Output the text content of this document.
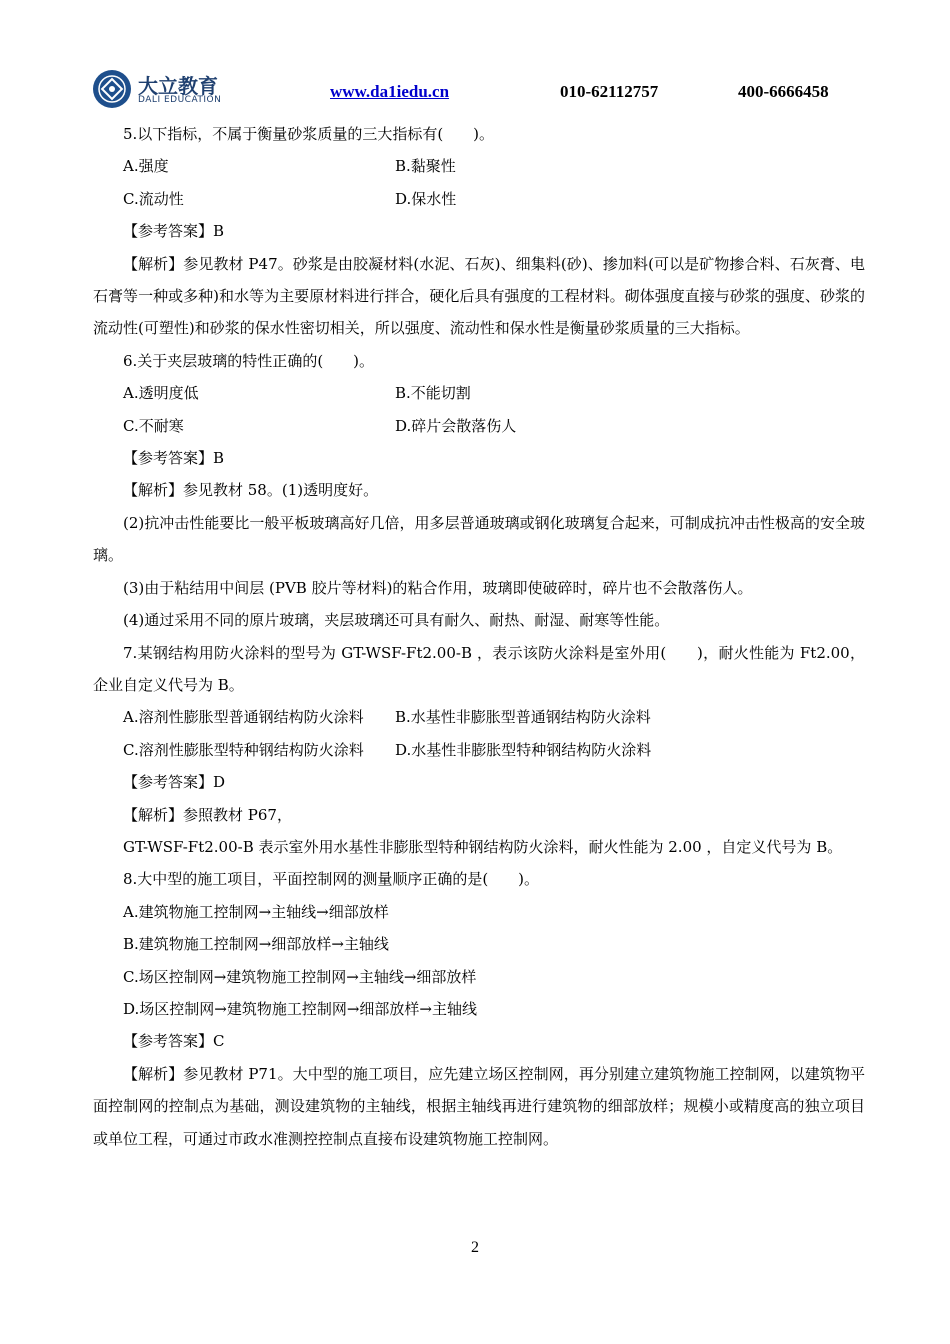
大立教育
DALI EDUCATION	www.da1iedu.cn	010-62112757	400-6666458
5.以下指标，不属于衡量砂浆质量的三大指标有(　　)。
A.强度	B.黏聚性
C.流动性	D.保水性
【参考答案】B
【解析】参见教材 P47。砂浆是由胶凝材料(水泥、石灰)、细集料(砂)、掺加料(可以是矿物掺合料、石灰膏、电石膏等一种或多种)和水等为主要原材料进行拌合，硬化后具有强度的工程材料。砌体强度直接与砂浆的强度、砂浆的流动性(可塑性)和砂浆的保水性密切相关，所以强度、流动性和保水性是衡量砂浆质量的三大指标。
6.关于夹层玻璃的特性正确的(　　)。
A.透明度低	B.不能切割
C.不耐寒	D.碎片会散落伤人
【参考答案】B
【解析】参见教材 58。(1)透明度好。
(2)抗冲击性能要比一般平板玻璃高好几倍，用多层普通玻璃或钢化玻璃复合起来，可制成抗冲击性极高的安全玻璃。
(3)由于粘结用中间层 (PVB 胶片等材料)的粘合作用，玻璃即使破碎时，碎片也不会散落伤人。
(4)通过采用不同的原片玻璃，夹层玻璃还可具有耐久、耐热、耐湿、耐寒等性能。
7.某钢结构用防火涂料的型号为 GT-WSF-Ft2.00-B ，表示该防火涂料是室外用(　　)，耐火性能为 Ft2.00，企业自定义代号为 B。
A.溶剂性膨胀型普通钢结构防火涂料	B.水基性非膨胀型普通钢结构防火涂料
C.溶剂性膨胀型特种钢结构防火涂料	D.水基性非膨胀型特种钢结构防火涂料
【参考答案】D
【解析】参照教材 P67，
GT-WSF-Ft2.00-B 表示室外用水基性非膨胀型特种钢结构防火涂料，耐火性能为 2.00 ，自定义代号为 B。
8.大中型的施工项目，平面控制网的测量顺序正确的是(　　)。
A.建筑物施工控制网→主轴线→细部放样
B.建筑物施工控制网→细部放样→主轴线
C.场区控制网→建筑物施工控制网→主轴线→细部放样
D.场区控制网→建筑物施工控制网→细部放样→主轴线
【参考答案】C
【解析】参见教材 P71。大中型的施工项目，应先建立场区控制网，再分别建立建筑物施工控制网，以建筑物平面控制网的控制点为基础，测设建筑物的主轴线，根据主轴线再进行建筑物的细部放样；规模小或精度高的独立项目或单位工程，可通过市政水准测控控制点直接布设建筑物施工控制网。
2
